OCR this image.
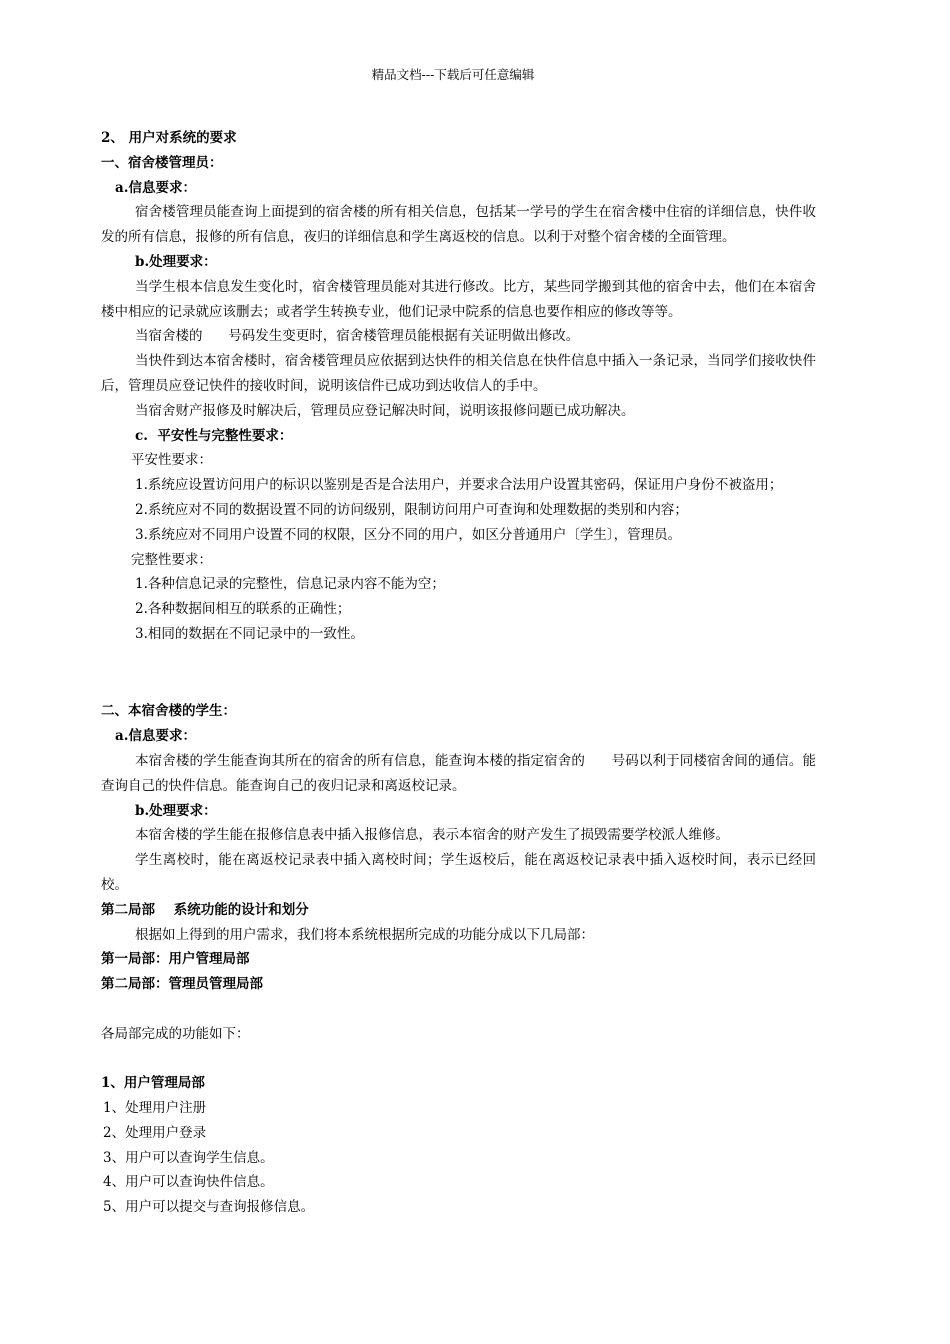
精品文档---下载后可任意编辑

2、 用户对系统的要求

一、宿舍楼管理员：

a.信息要求：

宿舍楼管理员能查询上面提到的宿舍楼的所有相关信息，包括某一学号的学生在宿舍楼中住宿的详细信息，快件收发的所有信息，报修的所有信息，夜归的详细信息和学生离返校的信息。以利于对整个宿舍楼的全面管理。

b.处理要求：

当学生根本信息发生变化时，宿舍楼管理员能对其进行修改。比方，某些同学搬到其他的宿舍中去，他们在本宿舍楼中相应的记录就应该删去；或者学生转换专业，他们记录中院系的信息也要作相应的修改等等。

当宿舍楼的      号码发生变更时，宿舍楼管理员能根据有关证明做出修改。

当快件到达本宿舍楼时，宿舍楼管理员应依据到达快件的相关信息在快件信息中插入一条记录，当同学们接收快件后，管理员应登记快件的接收时间，说明该信件已成功到达收信人的手中。

当宿舍财产报修及时解决后，管理员应登记解决时间，说明该报修问题已成功解决。

c.  平安性与完整性要求：

平安性要求：

1.系统应设置访问用户的标识以鉴别是否是合法用户，并要求合法用户设置其密码，保证用户身份不被盗用；

2.系统应对不同的数据设置不同的访问级别，限制访问用户可查询和处理数据的类别和内容；

3.系统应对不同用户设置不同的权限，区分不同的用户，如区分普通用户〔学生〕，管理员。

完整性要求：

1.各种信息记录的完整性，信息记录内容不能为空；

2.各种数据间相互的联系的正确性；

3.相同的数据在不同记录中的一致性。

二、本宿舍楼的学生：

a.信息要求：

本宿舍楼的学生能查询其所在的宿舍的所有信息，能查询本楼的指定宿舍的      号码以利于同楼宿舍间的通信。能查询自己的快件信息。能查询自己的夜归记录和离返校记录。

b.处理要求：

本宿舍楼的学生能在报修信息表中插入报修信息，表示本宿舍的财产发生了损毁需要学校派人维修。

学生离校时，能在离返校记录表中插入离校时间；学生返校后，能在离返校记录表中插入返校时间，表示已经回校。

第二局部    系统功能的设计和划分

根据如上得到的用户需求，我们将本系统根据所完成的功能分成以下几局部：

第一局部：用户管理局部

第二局部：管理员管理局部

各局部完成的功能如下：

1、用户管理局部

1、处理用户注册

2、处理用户登录

3、用户可以查询学生信息。

4、用户可以查询快件信息。

5、用户可以提交与查询报修信息。
